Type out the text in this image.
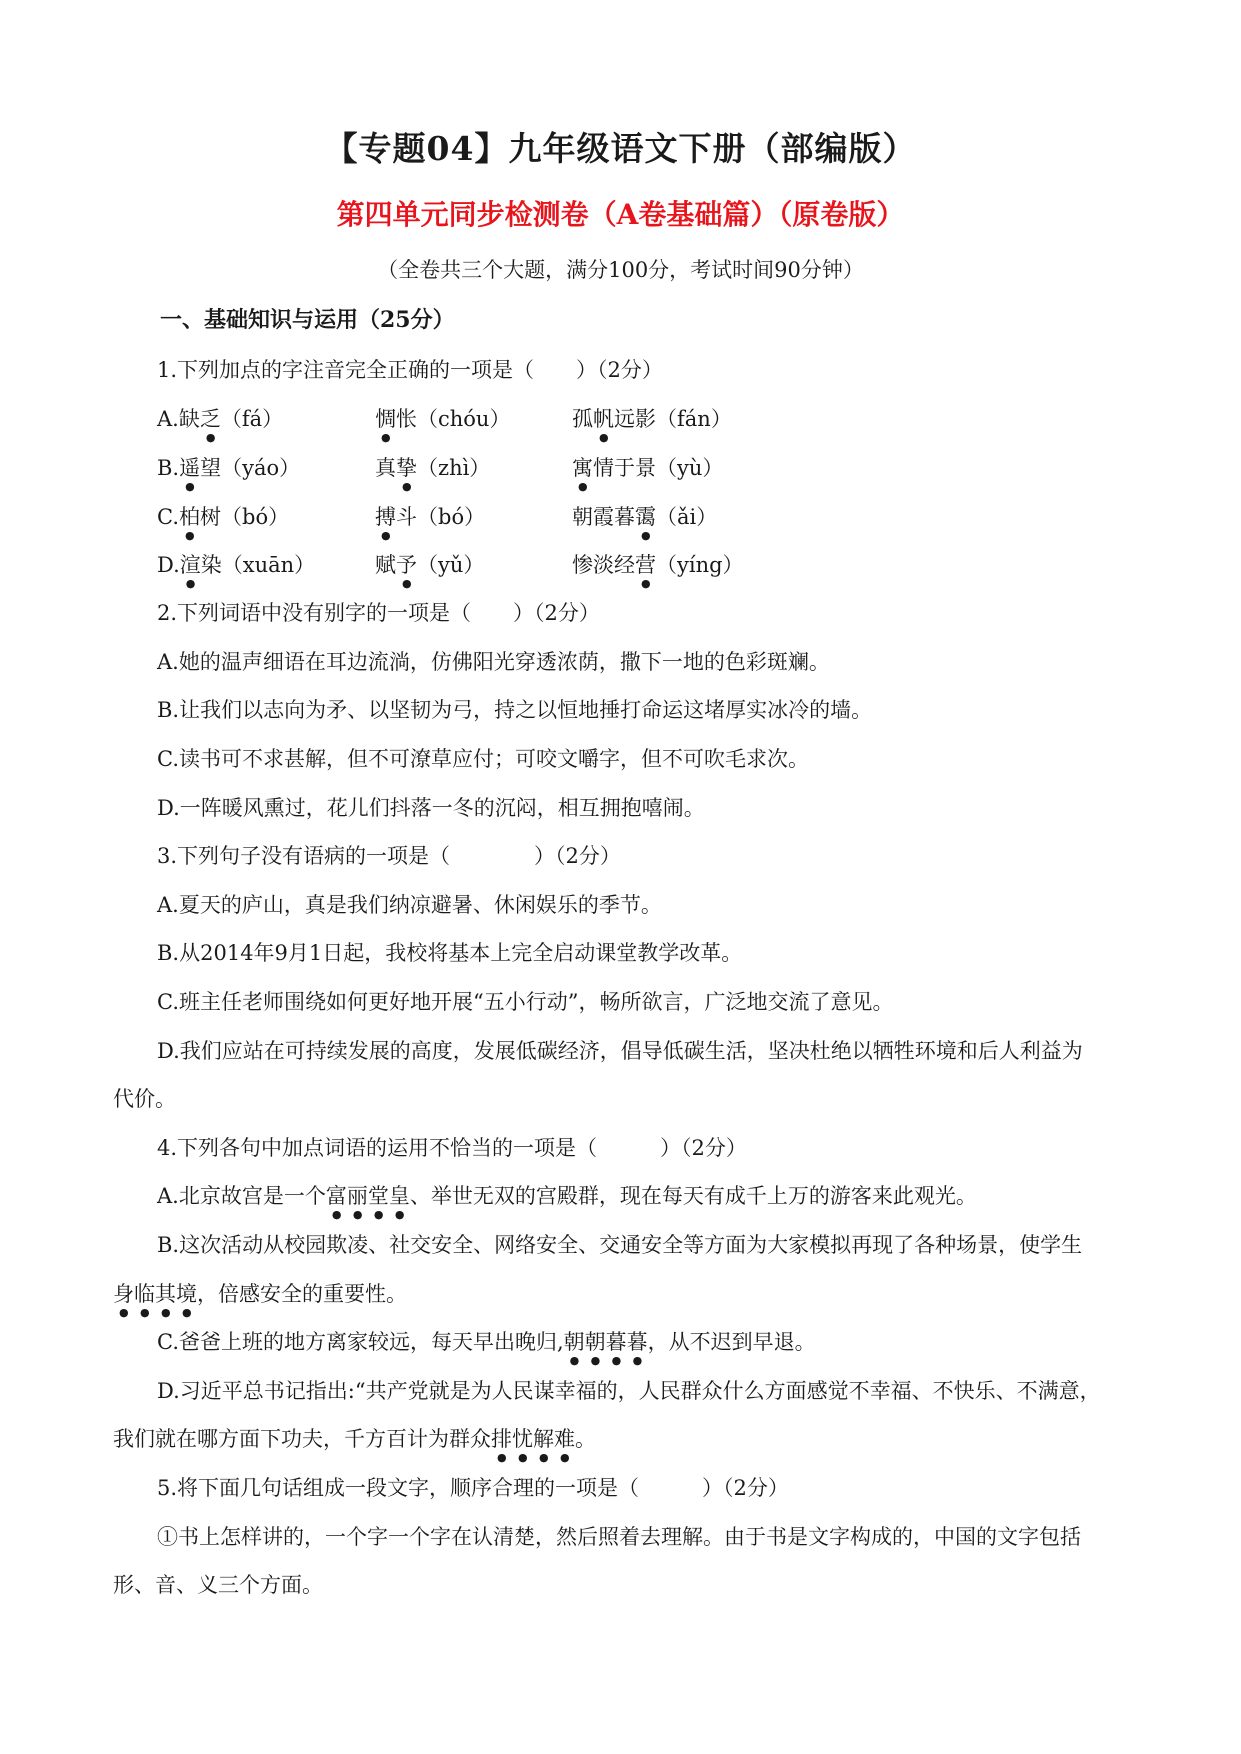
【专题04】九年级语文下册（部编版）
第四单元同步检测卷（A卷基础篇）（原卷版）
（全卷共三个大题，满分100分，考试时间90分钟）
一、基础知识与运用（25分）
1.下列加点的字注音完全正确的一项是（　　）（2分）
A.缺乏（fá）	惆怅（chóu）	孤帆远影（fán）
B.遥望（yáo）	真挚（zhì）	寓情于景（yù）
C.柏树（bó）	搏斗（bó）	朝霞暮霭（ǎi）
D.渲染（xuān）	赋予（yǔ）	惨淡经营（yíng）
2.下列词语中没有别字的一项是（　　）（2分）
A.她的温声细语在耳边流淌，仿佛阳光穿透浓荫，撒下一地的色彩斑斓。
B.让我们以志向为矛、以坚韧为弓，持之以恒地捶打命运这堵厚实冰冷的墙。
C.读书可不求甚解，但不可潦草应付；可咬文嚼字，但不可吹毛求次。
D.一阵暖风熏过，花儿们抖落一冬的沉闷，相互拥抱嘻闹。
3.下列句子没有语病的一项是（　　　　）（2分）
A.夏天的庐山，真是我们纳凉避暑、休闲娱乐的季节。
B.从2014年9月1日起，我校将基本上完全启动课堂教学改革。
C.班主任老师围绕如何更好地开展“五小行动”，畅所欲言，广泛地交流了意见。
D.我们应站在可持续发展的高度，发展低碳经济，倡导低碳生活，坚决杜绝以牺牲环境和后人利益为
代价。
4.下列各句中加点词语的运用不恰当的一项是（　　　）（2分）
A.北京故宫是一个富丽堂皇、举世无双的宫殿群，现在每天有成千上万的游客来此观光。
B.这次活动从校园欺凌、社交安全、网络安全、交通安全等方面为大家模拟再现了各种场景，使学生
身临其境，倍感安全的重要性。
C.爸爸上班的地方离家较远，每天早出晚归,朝朝暮暮，从不迟到早退。
D.习近平总书记指出:“共产党就是为人民谋幸福的，人民群众什么方面感觉不幸福、不快乐、不满意，
我们就在哪方面下功夫，千方百计为群众排忧解难。
5.将下面几句话组成一段文字，顺序合理的一项是（　　　）（2分）
①书上怎样讲的，一个字一个字在认清楚，然后照着去理解。由于书是文字构成的，中国的文字包括
形、音、义三个方面。
